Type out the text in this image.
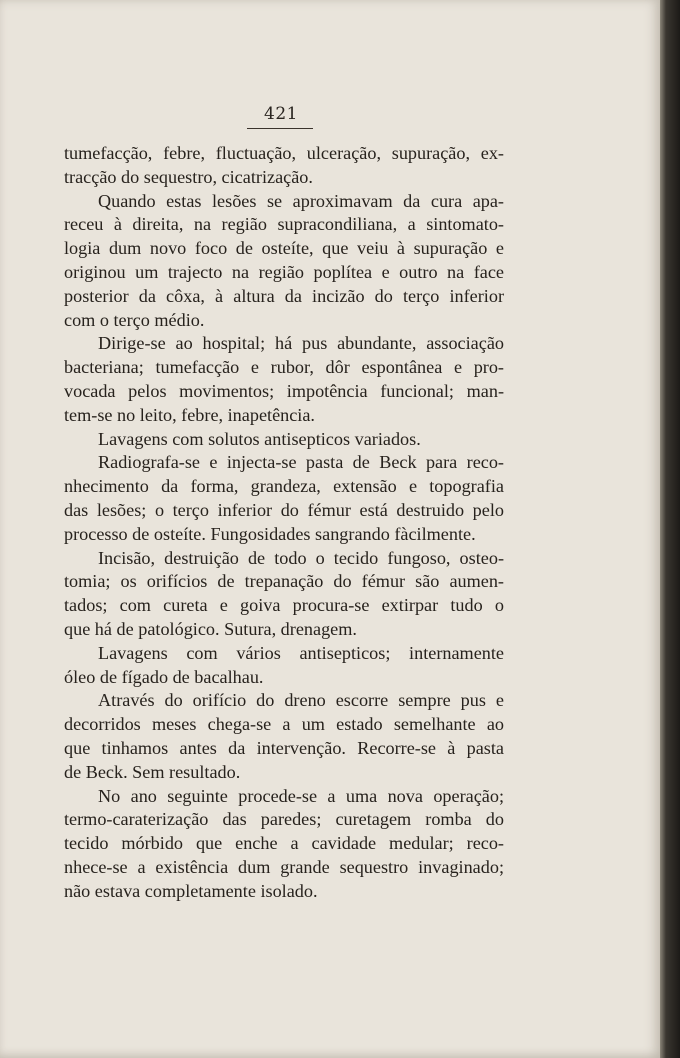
421
tumefacção, febre, fluctuação, ulceração, supuração, ex-
tracção do sequestro, cicatrização.
Quando estas lesões se aproximavam da cura apa-
receu à direita, na região supracondiliana, a sintomato-
logia dum novo foco de osteíte, que veiu à supuração e
originou um trajecto na região poplítea e outro na face
posterior da côxa, à altura da incizão do terço inferior
com o terço médio.
Dirige-se ao hospital; há pus abundante, associação
bacteriana; tumefacção e rubor, dôr espontânea e pro-
vocada pelos movimentos; impotência funcional; man-
tem-se no leito, febre, inapetência.
Lavagens com solutos antisepticos variados.
Radiografa-se e injecta-se pasta de Beck para reco-
nhecimento da forma, grandeza, extensão e topografia
das lesões; o terço inferior do fémur está destruido pelo
processo de osteíte. Fungosidades sangrando fàcilmente.
Incisão, destruição de todo o tecido fungoso, osteo-
tomia; os orifícios de trepanação do fémur são aumen-
tados; com cureta e goiva procura-se extirpar tudo o
que há de patológico. Sutura, drenagem.
Lavagens com vários antisepticos; internamente
óleo de fígado de bacalhau.
Através do orifício do dreno escorre sempre pus e
decorridos meses chega-se a um estado semelhante ao
que tinhamos antes da intervenção. Recorre-se à pasta
de Beck. Sem resultado.
No ano seguinte procede-se a uma nova operação;
termo-caraterização das paredes; curetagem romba do
tecido mórbido que enche a cavidade medular; reco-
nhece-se a existência dum grande sequestro invaginado;
não estava completamente isolado.
